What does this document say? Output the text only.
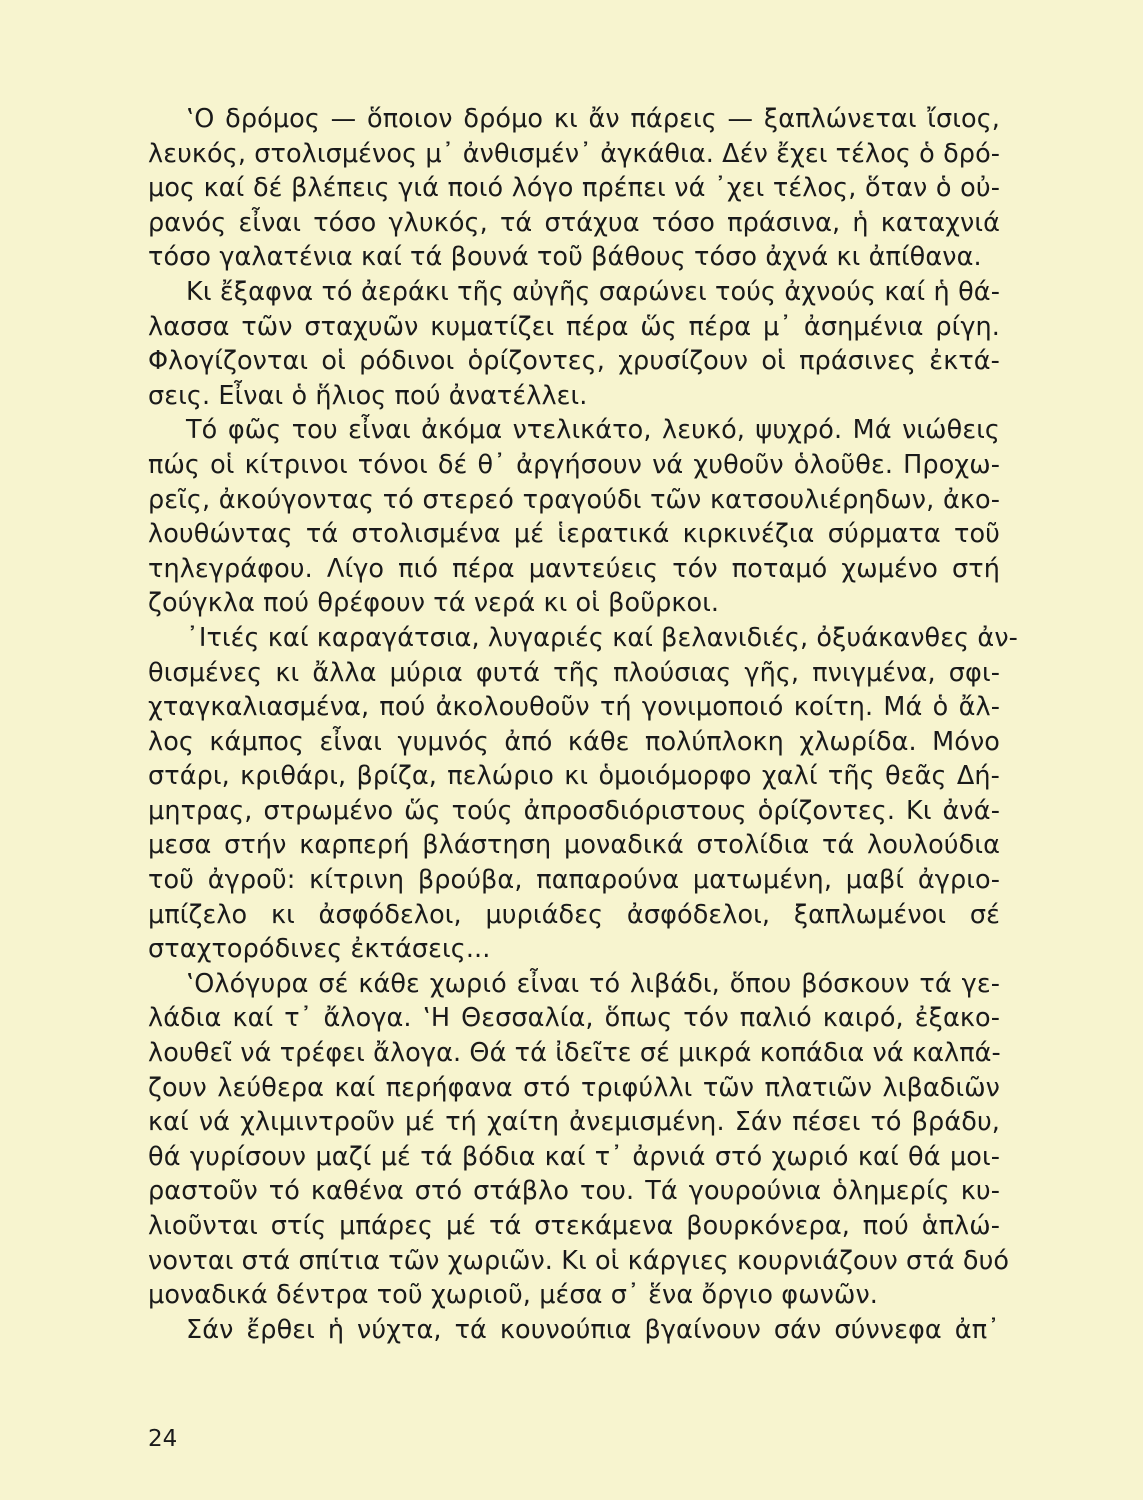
‛Ο δρόμος — ὅποιον δρόμο κι ἄν πάρεις — ξαπλώνεται ἴσιος,
λευκός, στολισμένος μ᾽ ἀνθισμέν᾽ ἀγκάθια. Δέν ἔχει τέλος ὁ δρό-
μος καί δέ βλέπεις γιά ποιό λόγο πρέπει νά ᾽χει τέλος, ὅταν ὁ οὐ-
ρανός εἶναι τόσο γλυκός, τά στάχυα τόσο πράσινα, ἡ καταχνιά
τόσο γαλατένια καί τά βουνά τοῦ βάθους τόσο ἀχνά κι ἀπίθανα.
Κι ἔξαφνα τό ἀεράκι τῆς αὐγῆς σαρώνει τούς ἀχνούς καί ἡ θά-
λασσα τῶν σταχυῶν κυματίζει πέρα ὥς πέρα μ᾽ ἀσημένια ρίγη.
Φλογίζονται οἱ ρόδινοι ὁρίζοντες, χρυσίζουν οἱ πράσινες ἐκτά-
σεις. Εἶναι ὁ ἥλιος πού ἀνατέλλει.
Τό φῶς του εἶναι ἀκόμα ντελικάτο, λευκό, ψυχρό. Μά νιώθεις
πώς οἱ κίτρινοι τόνοι δέ θ᾽ ἀργήσουν νά χυθοῦν ὁλοῦθε. Προχω-
ρεῖς, ἀκούγοντας τό στερεό τραγούδι τῶν κατσουλιέρηδων, ἀκο-
λουθώντας τά στολισμένα μέ ἱερατικά κιρκινέζια σύρματα τοῦ
τηλεγράφου. Λίγο πιό πέρα μαντεύεις τόν ποταμό χωμένο στή
ζούγκλα πού θρέφουν τά νερά κι οἱ βοῦρκοι.
᾽Ιτιές καί καραγάτσια, λυγαριές καί βελανιδιές, ὀξυάκανθες ἀν-
θισμένες κι ἄλλα μύρια φυτά τῆς πλούσιας γῆς, πνιγμένα, σφι-
χταγκαλιασμένα, πού ἀκολουθοῦν τή γονιμοποιό κοίτη. Μά ὁ ἄλ-
λος κάμπος εἶναι γυμνός ἀπό κάθε πολύπλοκη χλωρίδα. Μόνο
στάρι, κριθάρι, βρίζα, πελώριο κι ὁμοιόμορφο χαλί τῆς θεᾶς Δή-
μητρας, στρωμένο ὥς τούς ἀπροσδιόριστους ὁρίζοντες. Κι ἀνά-
μεσα στήν καρπερή βλάστηση μοναδικά στολίδια τά λουλούδια
τοῦ ἀγροῦ: κίτρινη βρούβα, παπαρούνα ματωμένη, μαβί ἀγριο-
μπίζελο κι ἀσφόδελοι, μυριάδες ἀσφόδελοι, ξαπλωμένοι σέ
σταχτορόδινες ἐκτάσεις...
‛Ολόγυρα σέ κάθε χωριό εἶναι τό λιβάδι, ὅπου βόσκουν τά γε-
λάδια καί τ᾽ ἄλογα. ‛Η Θεσσαλία, ὅπως τόν παλιό καιρό, ἐξακο-
λουθεῖ νά τρέφει ἄλογα. Θά τά ἰδεῖτε σέ μικρά κοπάδια νά καλπά-
ζουν λεύθερα καί περήφανα στό τριφύλλι τῶν πλατιῶν λιβαδιῶν
καί νά χλιμιντροῦν μέ τή χαίτη ἀνεμισμένη. Σάν πέσει τό βράδυ,
θά γυρίσουν μαζί μέ τά βόδια καί τ᾽ ἀρνιά στό χωριό καί θά μοι-
ραστοῦν τό καθένα στό στάβλο του. Τά γουρούνια ὁλημερίς κυ-
λιοῦνται στίς μπάρες μέ τά στεκάμενα βουρκόνερα, πού ἁπλώ-
νονται στά σπίτια τῶν χωριῶν. Κι οἱ κάργιες κουρνιάζουν στά δυό
μοναδικά δέντρα τοῦ χωριοῦ, μέσα σ᾽ ἕνα ὄργιο φωνῶν.
Σάν ἔρθει ἡ νύχτα, τά κουνούπια βγαίνουν σάν σύννεφα ἀπ᾽
24
